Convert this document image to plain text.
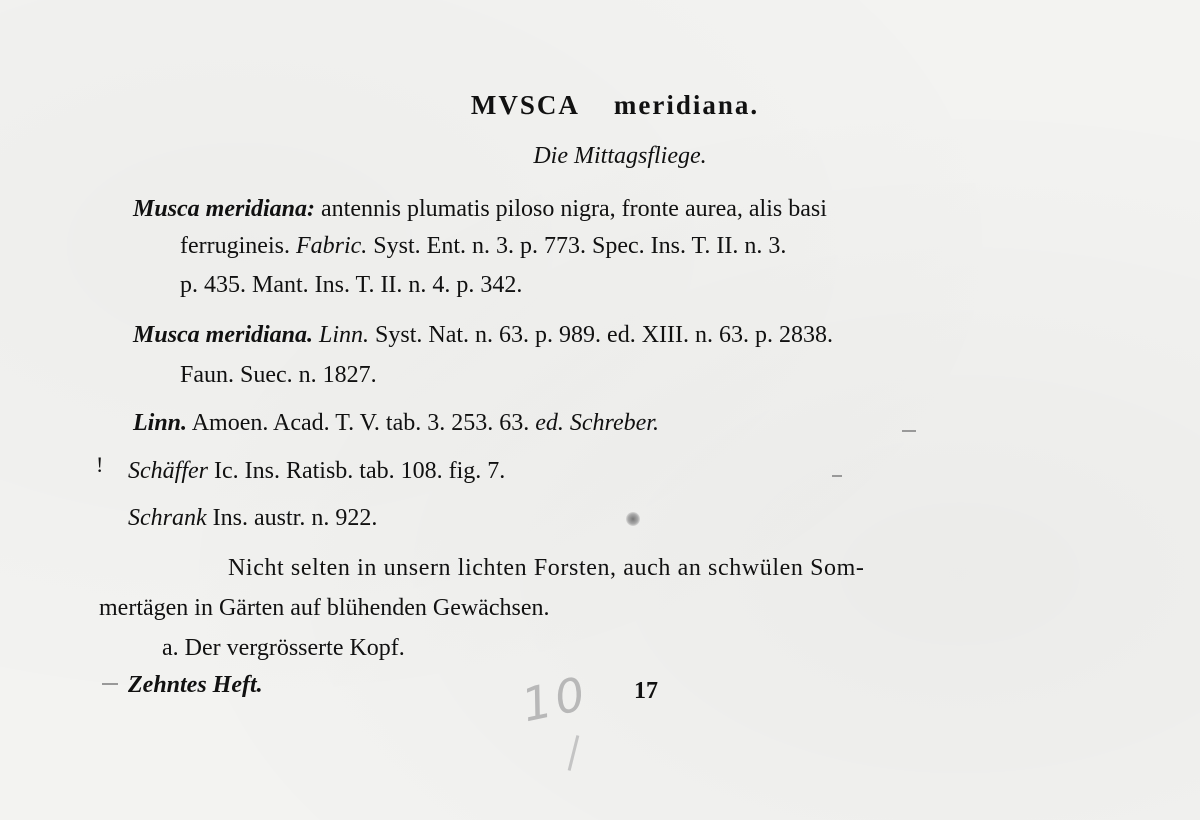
MVSCA meridiana.
Die Mittagsfliege.
Musca meridiana: antennis plumatis piloso nigra, fronte aurea, alis basi
ferrugineis. Fabric. Syst. Ent. n. 3. p. 773. Spec. Ins. T. II. n. 3.
p. 435. Mant. Ins. T. II. n. 4. p. 342.
Musca meridiana. Linn. Syst. Nat. n. 63. p. 989. ed. XIII. n. 63. p. 2838.
Faun. Suec. n. 1827.
Linn. Amoen. Acad. T. V. tab. 3. 253. 63. ed. Schreber.
! Schäffer Ic. Ins. Ratisb. tab. 108. fig. 7.
Schrank Ins. austr. n. 922.
Nicht selten in unsern lichten Forsten, auch an schwülen Som-
mertägen in Gärten auf blühenden Gewächsen.
a. Der vergrösserte Kopf.
Zehntes Heft.	17
10
